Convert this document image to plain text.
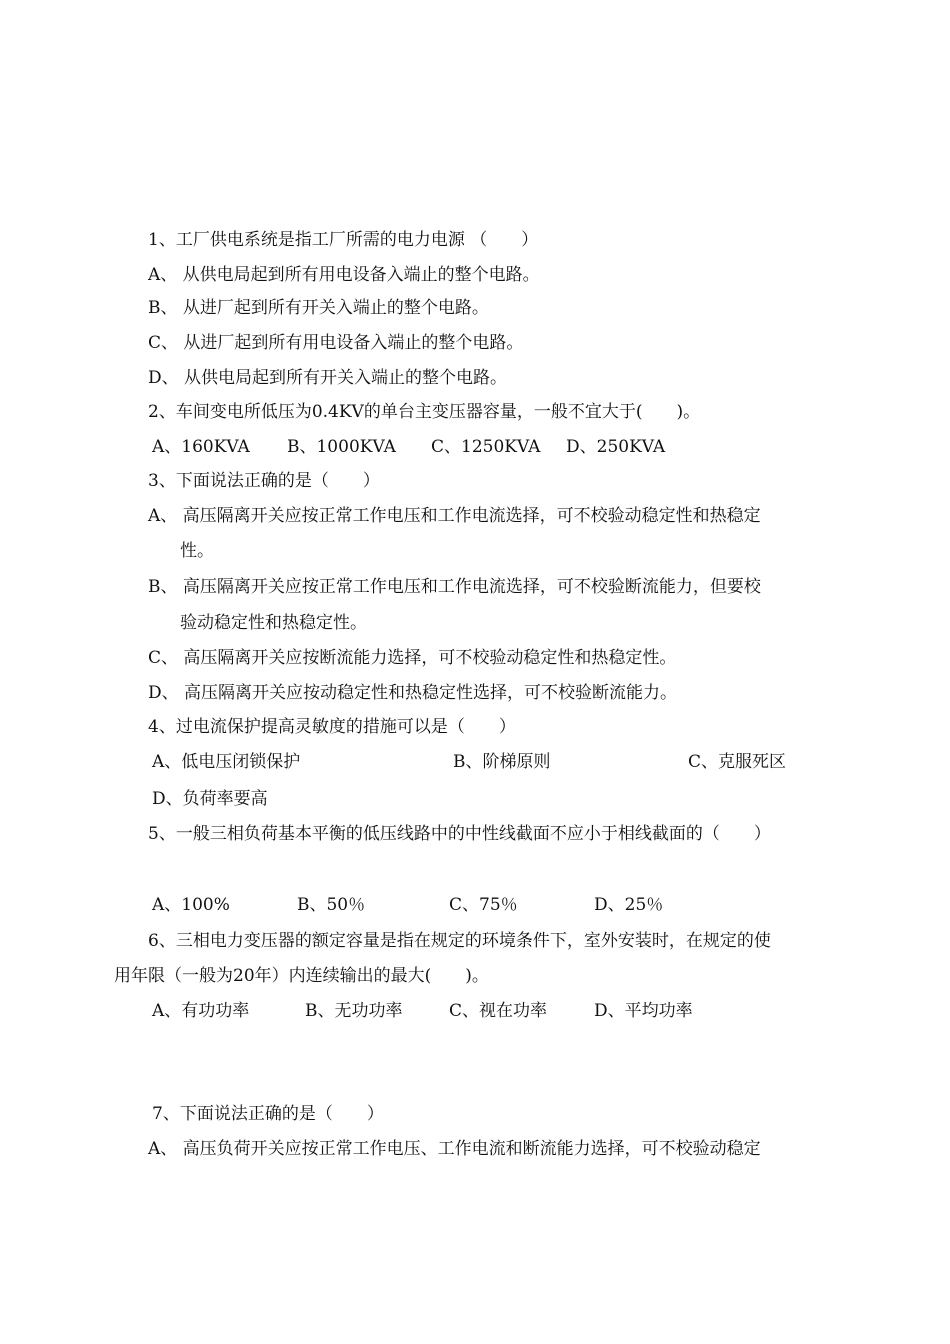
1、工厂供电系统是指工厂所需的电力电源 （　　）
A、 从供电局起到所有用电设备入端止的整个电路。
B、 从进厂起到所有开关入端止的整个电路。
C、 从进厂起到所有用电设备入端止的整个电路。
D、 从供电局起到所有开关入端止的整个电路。
2、车间变电所低压为0.4KV的单台主变压器容量，一般不宜大于(　　)。
A、160KVA B、1000KVA C、1250KVA D、250KVA
3、下面说法正确的是（　　）
A、 高压隔离开关应按正常工作电压和工作电流选择，可不校验动稳定性和热稳定
性。
B、 高压隔离开关应按正常工作电压和工作电流选择，可不校验断流能力，但要校
验动稳定性和热稳定性。
C、 高压隔离开关应按断流能力选择，可不校验动稳定性和热稳定性。
D、 高压隔离开关应按动稳定性和热稳定性选择，可不校验断流能力。
4、过电流保护提高灵敏度的措施可以是（　　）
A、低电压闭锁保护	B、阶梯原则	C、克服死区
D、负荷率要高
5、一般三相负荷基本平衡的低压线路中的中性线截面不应小于相线截面的（　　）
A、100%	B、50％	C、75％	D、25％
6、三相电力变压器的额定容量是指在规定的环境条件下，室外安装时，在规定的使
用年限（一般为20年）内连续输出的最大(　　)。
A、有功功率	B、无功功率	C、视在功率	D、平均功率
7、下面说法正确的是（　　）
A、 高压负荷开关应按正常工作电压、工作电流和断流能力选择，可不校验动稳定
